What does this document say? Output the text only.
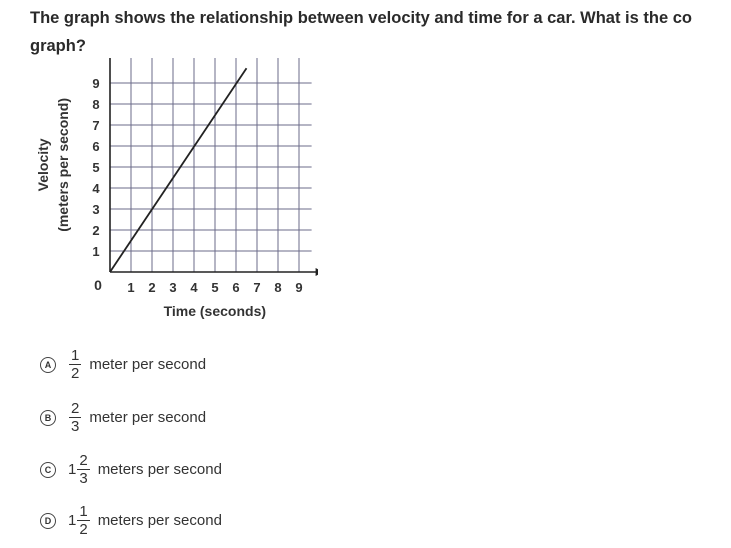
The graph shows the relationship between velocity and time for a car. What is the co
graph?
1 2 3 4 5 6 7 8 9
1
2
3
4
5
6
7
8
9
0
Time (seconds)
Velocity (meters per second)
A	$\frac{1}{2}$ meter per second
B	$\frac{2}{3}$ meter per second
C	$1 \frac{2}{3}$ meters per second
D	$1 \frac{1}{2}$ meters per second
